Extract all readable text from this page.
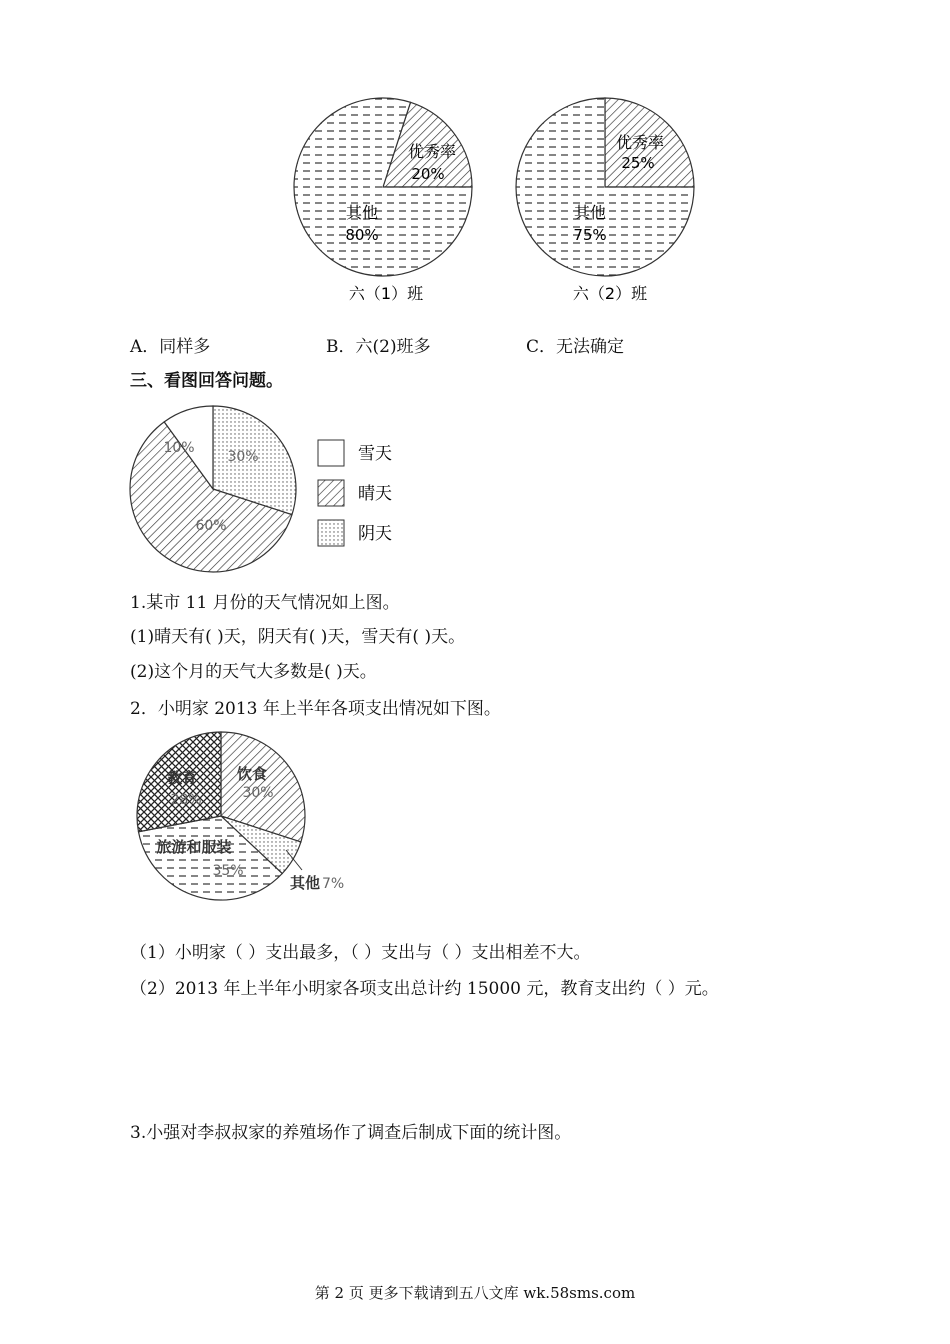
优秀率
20%
其他
80%
六（1）班
优秀率
25%
其他
75%
六（2）班
A．同样多	B．六(2)班多	C．无法确定
三、看图回答问题。
10%
30%
60%
雪天
晴天
阴天
1.某市 11 月份的天气情况如上图。
(1)晴天有( )天，阴天有( )天，雪天有( )天。
(2)这个月的天气大多数是( )天。
2．小明家 2013 年上半年各项支出情况如下图。
饮食
30%
教育
28%
旅游和服装
35%
其他 7%
（1）小明家（ ）支出最多，（ ）支出与（ ）支出相差不大。
（2）2013 年上半年小明家各项支出总计约 15000 元，教育支出约（ ）元。
3.小强对李叔叔家的养殖场作了调查后制成下面的统计图。
第 2 页 更多下载请到五八文库 wk.58sms.com
